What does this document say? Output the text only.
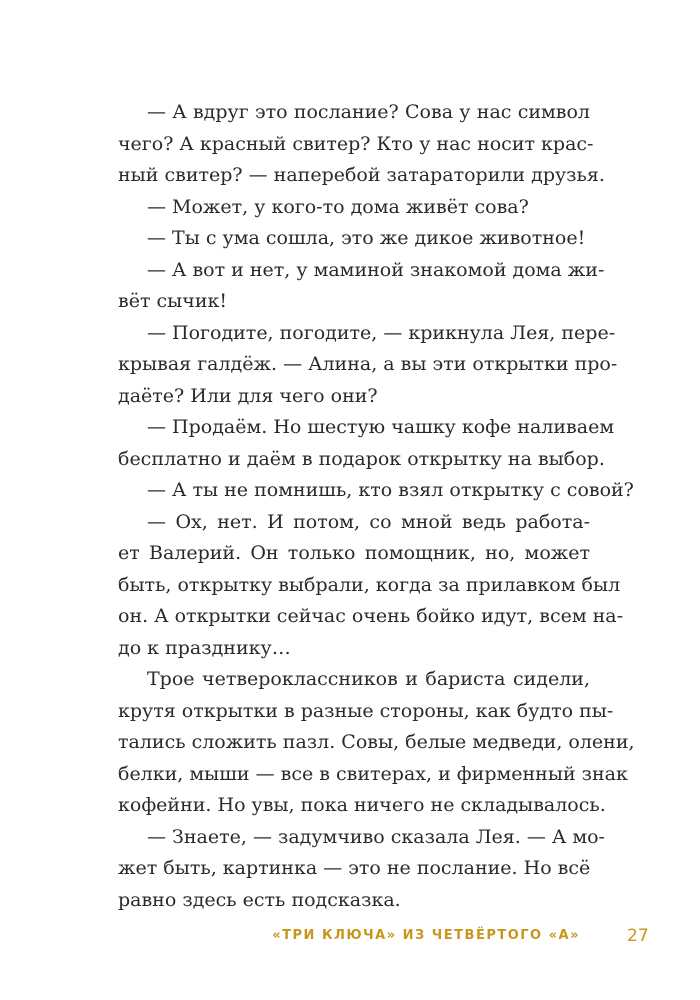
— А вдруг это послание? Сова у нас символ
чего? А красный свитер? Кто у нас носит крас-
ный свитер? — наперебой затараторили друзья.
— Может, у кого-то дома живёт сова?
— Ты с ума сошла, это же дикое животное!
— А вот и нет, у маминой знакомой дома жи-
вёт сычик!
— Погодите, погодите, — крикнула Лея, пере-
крывая галдёж. — Алина, а вы эти открытки про-
даёте? Или для чего они?
— Продаём. Но шестую чашку кофе наливаем
бесплатно и даём в подарок открытку на выбор.
— А ты не помнишь, кто взял открытку с совой?
— Ох, нет. И потом, со мной ведь работа-
ет Валерий. Он только помощник, но, может
быть, открытку выбрали, когда за прилавком был
он. А открытки сейчас очень бойко идут, всем на-
до к празднику…
Трое четвероклассников и бариста сидели,
крутя открытки в разные стороны, как будто пы-
тались сложить пазл. Совы, белые медведи, олени,
белки, мыши — все в свитерах, и фирменный знак
кофейни. Но увы, пока ничего не складывалось.
— Знаете, — задумчиво сказала Лея. — А мо-
жет быть, картинка — это не послание. Но всё
равно здесь есть подсказка.
«ТРИ КЛЮЧА» ИЗ ЧЕТВЁРТОГО «А»	27
